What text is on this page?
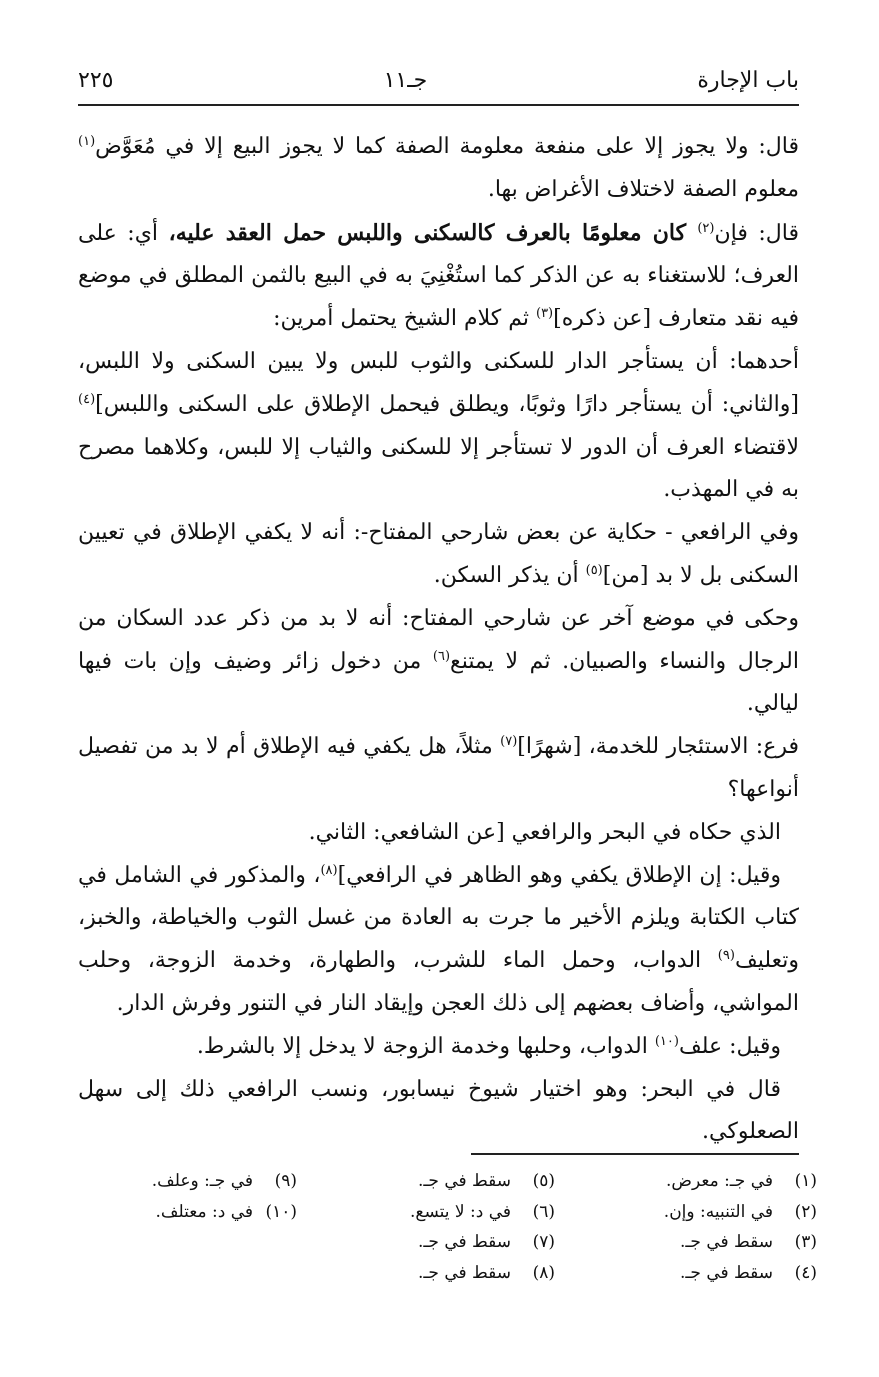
باب الإجارة
جـ١١
٢٢٥

قال: ولا يجوز إلا على منفعة معلومة الصفة كما لا يجوز البيع إلا في مُعَوَّض$^{(١)}$ معلوم الصفة لاختلاف الأغراض بها.

قال: فإن$^{(٢)}$ كان معلومًا بالعرف كالسكنى واللبس حمل العقد عليه، أي: على العرف؛ للاستغناء به عن الذكر كما استُغْنِيَ به في البيع بالثمن المطلق في موضع فيه نقد متعارف [عن ذكره]$^{(٣)}$ ثم كلام الشيخ يحتمل أمرين:

أحدهما: أن يستأجر الدار للسكنى والثوب للبس ولا يبين السكنى ولا اللبس، [والثاني: أن يستأجر دارًا وثوبًا، ويطلق فيحمل الإطلاق على السكنى واللبس]$^{(٤)}$ لاقتضاء العرف أن الدور لا تستأجر إلا للسكنى والثياب إلا للبس، وكلاهما مصرح به في المهذب.

وفي الرافعي - حكاية عن بعض شارحي المفتاح-: أنه لا يكفي الإطلاق في تعيين السكنى بل لا بد [من]$^{(٥)}$ أن يذكر السكن.

وحكى في موضع آخر عن شارحي المفتاح: أنه لا بد من ذكر عدد السكان من الرجال والنساء والصبيان. ثم لا يمتنع$^{(٦)}$ من دخول زائر وضيف وإن بات فيها ليالي.

فرع: الاستئجار للخدمة، [شهرًا]$^{(٧)}$ مثلاً، هل يكفي فيه الإطلاق أم لا بد من تفصيل أنواعها؟

الذي حكاه في البحر والرافعي [عن الشافعي: الثاني.

وقيل: إن الإطلاق يكفي وهو الظاهر في الرافعي]$^{(٨)}$، والمذكور في الشامل في كتاب الكتابة ويلزم الأخير ما جرت به العادة من غسل الثوب والخياطة، والخبز، وتعليف$^{(٩)}$ الدواب، وحمل الماء للشرب، والطهارة، وخدمة الزوجة، وحلب المواشي، وأضاف بعضهم إلى ذلك العجن وإيقاد النار في التنور وفرش الدار.

وقيل: علف$^{(١٠)}$ الدواب، وحلبها وخدمة الزوجة لا يدخل إلا بالشرط.

قال في البحر: وهو اختيار شيوخ نيسابور، ونسب الرافعي ذلك إلى سهل الصعلوكي.

(١)في جـ: معرض.
(٢)في التنبيه: وإن.
(٣)سقط في جـ.
(٤)سقط في جـ.
(٥)سقط في جـ.
(٦)في د: لا يتسع.
(٧)سقط في جـ.
(٨)سقط في جـ.
(٩)في جـ: وعلف.
(١٠)في د: معتلف.
